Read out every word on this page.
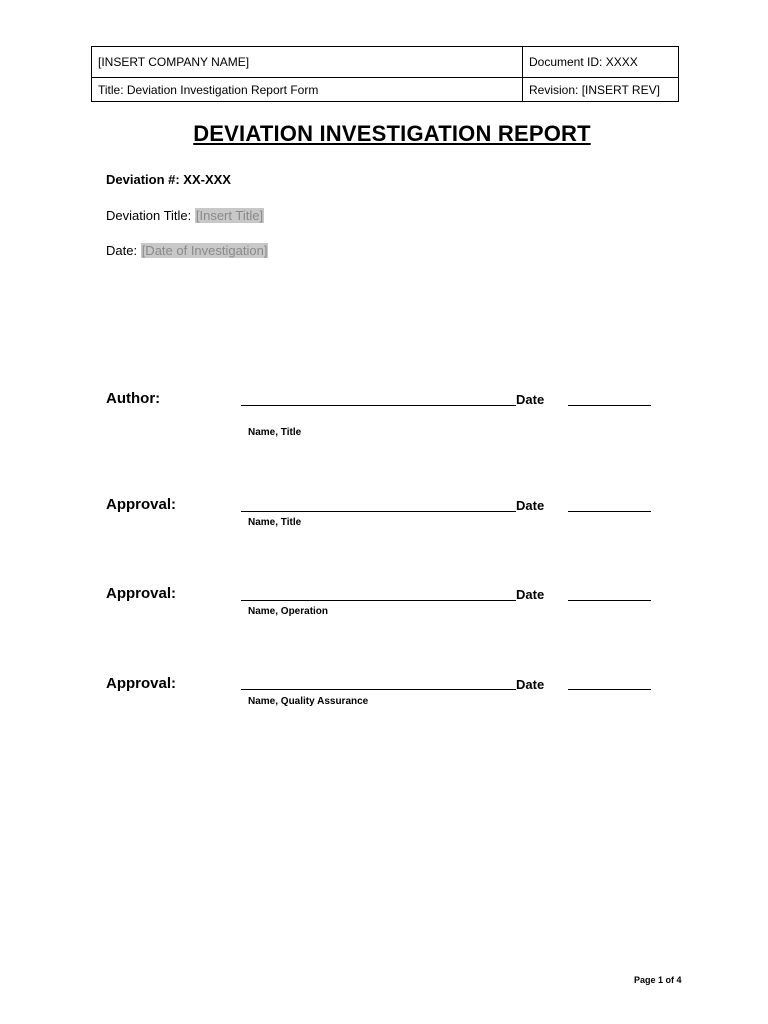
[INSERT COMPANY NAME]	Document ID: XXXX
Title: Deviation Investigation Report Form	Revision: [INSERT REV]
DEVIATION INVESTIGATION REPORT
Deviation #: XX-XXX
Deviation Title: [Insert Title]
Date: [Date of Investigation]
Author:	Date
Name, Title
Approval:	Date
Name, Title
Approval:	Date
Name, Operation
Approval:	Date
Name, Quality Assurance
Page 1 of 4
